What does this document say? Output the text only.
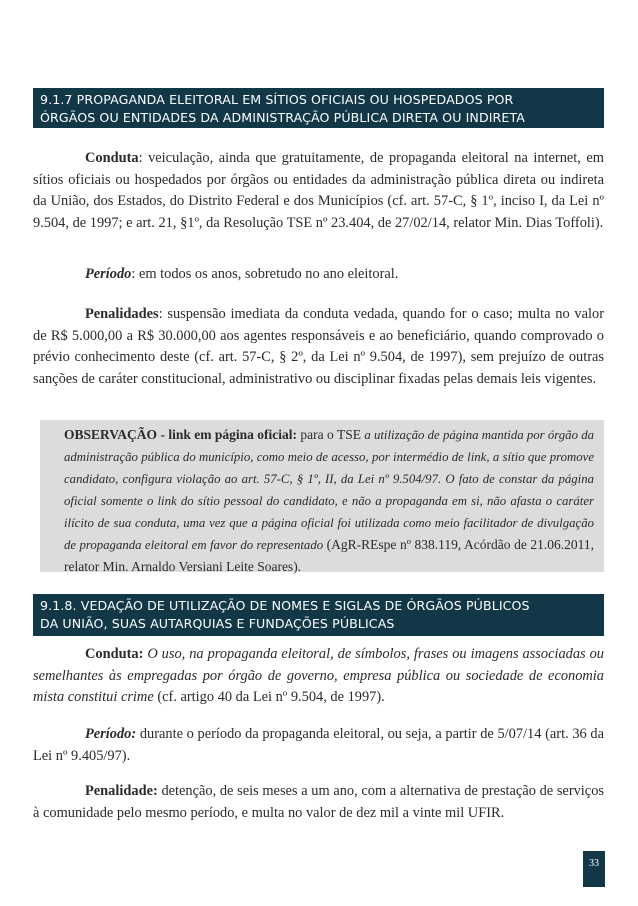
9.1.7 PROPAGANDA ELEITORAL EM SÍTIOS OFICIAIS OU HOSPEDADOS POR
ÓRGÃOS OU ENTIDADES DA ADMINISTRAÇÃO PÚBLICA DIRETA OU INDIRETA

Conduta: veiculação, ainda que gratuitamente, de propaganda eleitoral na internet, em sítios oficiais ou hospedados por órgãos ou entidades da administração pública direta ou indireta da União, dos Estados, do Distrito Federal e dos Municípios (cf. art. 57-C, § 1º, inciso I, da Lei nº 9.504, de 1997; e art. 21, §1º, da Resolução TSE nº 23.404, de 27/02/14, relator Min. Dias Toffoli).

Período: em todos os anos, sobretudo no ano eleitoral.

Penalidades: suspensão imediata da conduta vedada, quando for o caso; multa no valor de R$ 5.000,00 a R$ 30.000,00 aos agentes responsáveis e ao beneficiário, quando comprovado o prévio conhecimento deste (cf. art. 57-C, § 2º, da Lei nº 9.504, de 1997), sem prejuízo de outras sanções de caráter constitucional, administrativo ou disciplinar fixadas pelas demais leis vigentes.

OBSERVAÇÃO - link em página oficial: para o TSE a utilização de página mantida por órgão da administração pública do município, como meio de acesso, por intermédio de link, a sítio que promove candidato, configura violação ao art. 57-C, § 1º, II, da Lei nº 9.504/97. O fato de constar da página oficial somente o link do sítio pessoal do candidato, e não a propaganda em si, não afasta o caráter ilícito de sua conduta, uma vez que a página oficial foi utilizada como meio facilitador de divulgação de propaganda eleitoral em favor do representado (AgR-REspe nº 838.119, Acórdão de 21.06.2011, relator Min. Arnaldo Versiani Leite Soares).
9.1.8. VEDAÇÃO DE UTILIZAÇÃO DE NOMES E SIGLAS DE ÓRGÃOS PÚBLICOS
DA UNIÃO, SUAS AUTARQUIAS E FUNDAÇÕES PÚBLICAS

Conduta: O uso, na propaganda eleitoral, de símbolos, frases ou imagens associadas ou semelhantes às empregadas por órgão de governo, empresa pública ou sociedade de economia mista constitui crime (cf. artigo 40 da Lei nº 9.504, de 1997).

Período: durante o período da propaganda eleitoral, ou seja, a partir de 5/07/14 (art. 36 da Lei nº 9.405/97).

Penalidade: detenção, de seis meses a um ano, com a alternativa de prestação de serviços à comunidade pelo mesmo período, e multa no valor de dez mil a vinte mil UFIR.

33
